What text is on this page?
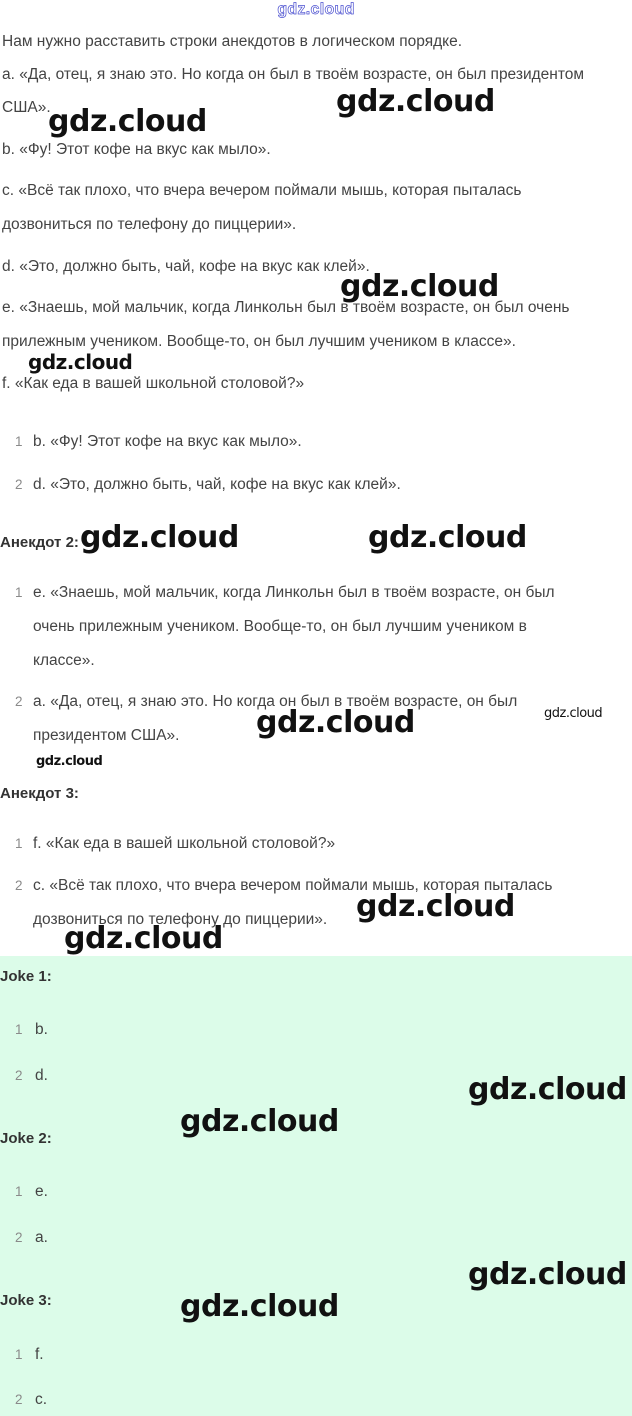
gdz.cloud
Нам нужно расставить строки анекдотов в логическом порядке.
a. «Да, отец, я знаю это. Но когда он был в твоём возрасте, он был президентом
США».
b. «Фу! Этот кофе на вкус как мыло».
c. «Всё так плохо, что вчера вечером поймали мышь, которая пыталась
дозвониться по телефону до пиццерии».
d. «Это, должно быть, чай, кофе на вкус как клей».
e. «Знаешь, мой мальчик, когда Линкольн был в твоём возрасте, он был очень
прилежным учеником. Вообще-то, он был лучшим учеником в классе».
f. «Как еда в вашей школьной столовой?»
1 b. «Фу! Этот кофе на вкус как мыло».
2 d. «Это, должно быть, чай, кофе на вкус как клей».
Анекдот 2:
1 e. «Знаешь, мой мальчик, когда Линкольн был в твоём возрасте, он был
очень прилежным учеником. Вообще-то, он был лучшим учеником в
классе».
2 a. «Да, отец, я знаю это. Но когда он был в твоём возрасте, он был
президентом США».
Анекдот 3:
1 f. «Как еда в вашей школьной столовой?»
2 c. «Всё так плохо, что вчера вечером поймали мышь, которая пыталась
дозвониться по телефону до пиццерии».
Joke 1:
1 b.
2 d.
Joke 2:
1 e.
2 a.
Joke 3:
1 f.
2 c.
gdz.cloud
gdz.cloud
gdz.cloud
gdz.cloud
gdz.cloud	gdz.cloud
gdz.cloud	gdz.cloud
gdz.cloud
gdz.cloud
gdz.cloud
gdz.cloud
gdz.cloud
gdz.cloud
gdz.cloud
